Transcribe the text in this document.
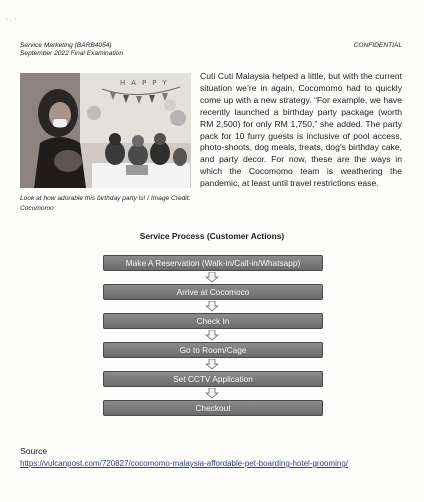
· ·
Service Marketing (BARB4054)
September 2022 Final Examination
CONFIDENTIAL
HAPPY
Look at how adorable this birthday party is! / Image Credit: Cocomomo
Cuti Cuti Malaysia helped a little, but with the current situation we’re in again, Cocomomo had to quickly come up with a new strategy. “For example, we have recently launched a birthday party package (worth RM 2,500) for only RM 1,750,” she added. The party pack for 10 furry guests is inclusive of pool access, photo-shoots, dog meals, treats, dog’s birthday cake, and party decor. For now, these are the ways in which the Cocomomo team is weathering the pandemic, at least until travel restrictions ease.
Service Process (Customer Actions)
Make A Reservation (Walk-in/Call-in/Whatsapp)
Arrive at Cocomoco
Check In
Go to Room/Cage
Set CCTV Application
Checkout
Source
https://vulcanpost.com/720827/cocomomo-malaysia-affordable-pet-boarding-hotel-grooming/
